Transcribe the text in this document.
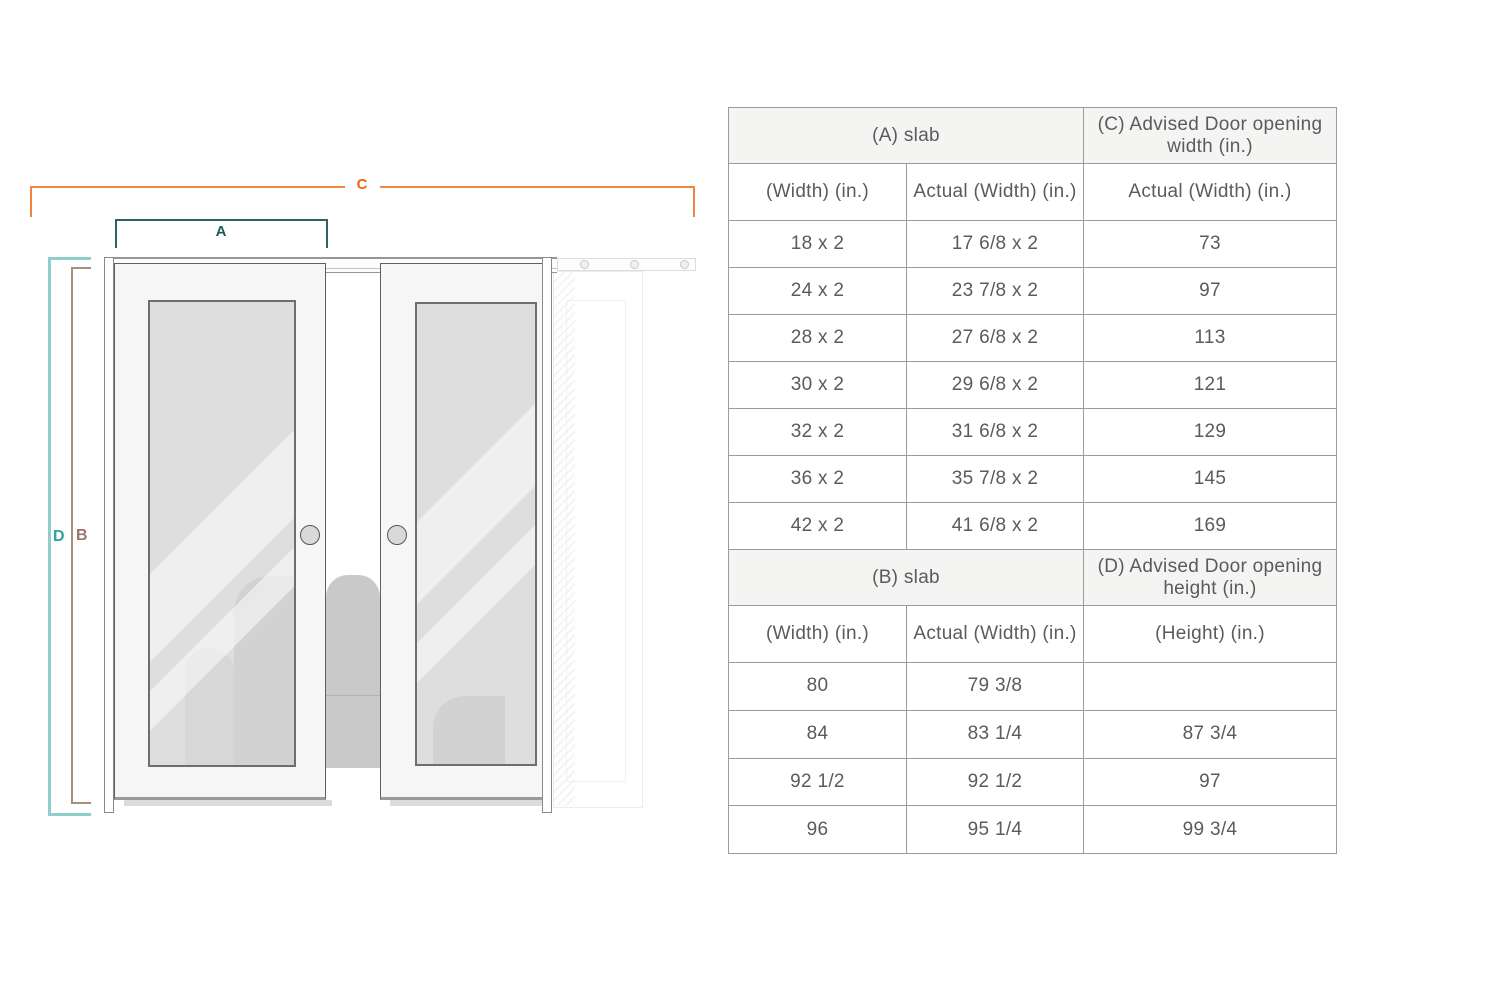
C
A
D B
(A) slab		(C) Advised Door opening width (in.)
(Width) (in.)	Actual (Width) (in.)	Actual (Width) (in.)
18 x 2	17 6/8 x 2	73
24 x 2	23 7/8 x 2	97
28 x 2	27 6/8 x 2	113
30 x 2	29 6/8 x 2	121
32 x 2	31 6/8 x 2	129
36 x 2	35 7/8 x 2	145
42 x 2	41 6/8 x 2	169
(B) slab		(D) Advised Door opening height (in.)
(Width) (in.)	Actual (Width) (in.)	(Height) (in.)
80	79 3/8	
84	83 1/4	87 3/4
92 1/2	92 1/2	97
96	95 1/4	99 3/4
